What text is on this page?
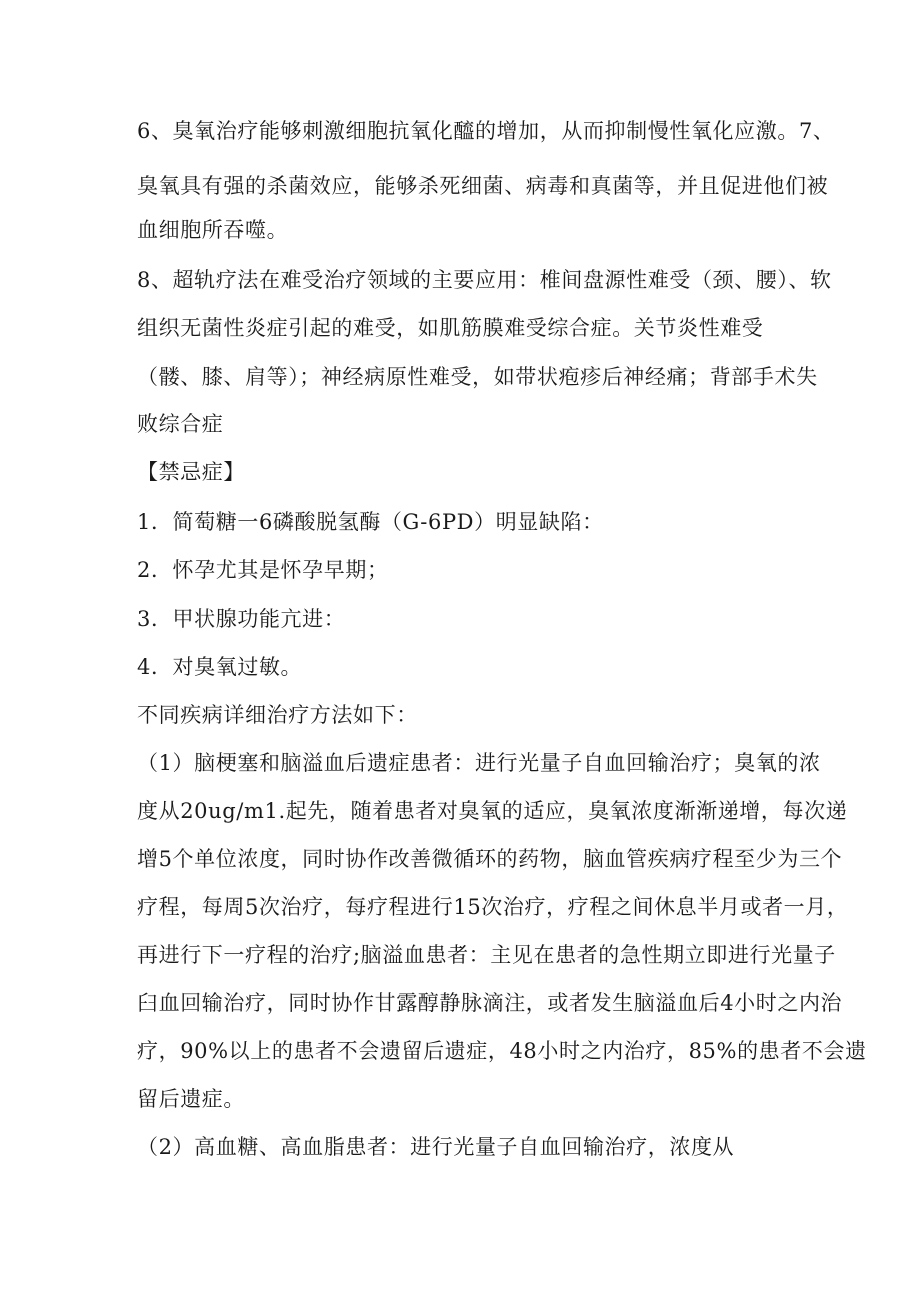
6、臭氧治疗能够刺激细胞抗氧化醯的增加，从而抑制慢性氧化应激。7、
臭氧具有强的杀菌效应，能够杀死细菌、病毒和真菌等，并且促进他们被
血细胞所吞噬。
8、超轨疗法在难受治疗领域的主要应用：椎间盘源性难受（颈、腰）、软
组织无菌性炎症引起的难受，如肌筋膜难受综合症。关节炎性难受
（髅、膝、肩等）；神经病原性难受，如带状疱疹后神经痛；背部手术失
败综合症
【禁忌症】
1．简萄糖一6磷酸脱氢酶（G-6PD）明显缺陷：
2．怀孕尤其是怀孕早期；
3．甲状腺功能亢进：
4．对臭氧过敏。
不同疾病详细治疗方法如下：
（1）脑梗塞和脑溢血后遗症患者：进行光量子自血回输治疗；臭氧的浓
度从20ug/m1.起先，随着患者对臭氧的适应，臭氧浓度渐渐递增，每次递
增5个单位浓度，同时协作改善微循环的药物，脑血管疾病疗程至少为三个
疗程，每周5次治疗，每疗程进行15次治疗，疗程之间休息半月或者一月，
再进行下一疗程的治疗;脑溢血患者：主见在患者的急性期立即进行光量子
臼血回输治疗，同时协作甘露醇静脉滴注，或者发生脑溢血后4小时之内治
疗，90%以上的患者不会遗留后遗症，48小时之内治疗，85%的患者不会遗
留后遗症。
（2）高血糖、高血脂患者：进行光量子自血回输治疗，浓度从
